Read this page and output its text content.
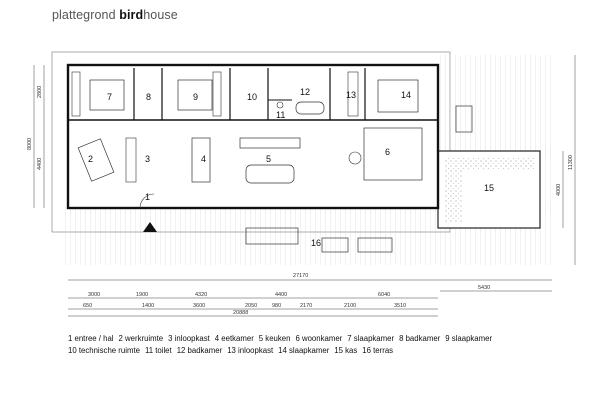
plattegrond birdhouse
7	8	9	10
11
12	13	14
2	3	4	5
6
1
15
16
27170
5430
3000	1900	4320	4400	6040
650	1400	3600	2050	980	2170	2100	3510
20888
8000
2800
4400	11300
4000
1 entree / hal 2 werkruimte 3 inloopkast 4 eetkamer 5 keuken 6 woonkamer 7 slaapkamer 8 badkamer 9 slaapkamer
10 technische ruimte 11 toilet 12 badkamer 13 inloopkast 14 slaapkamer 15 kas 16 terras
